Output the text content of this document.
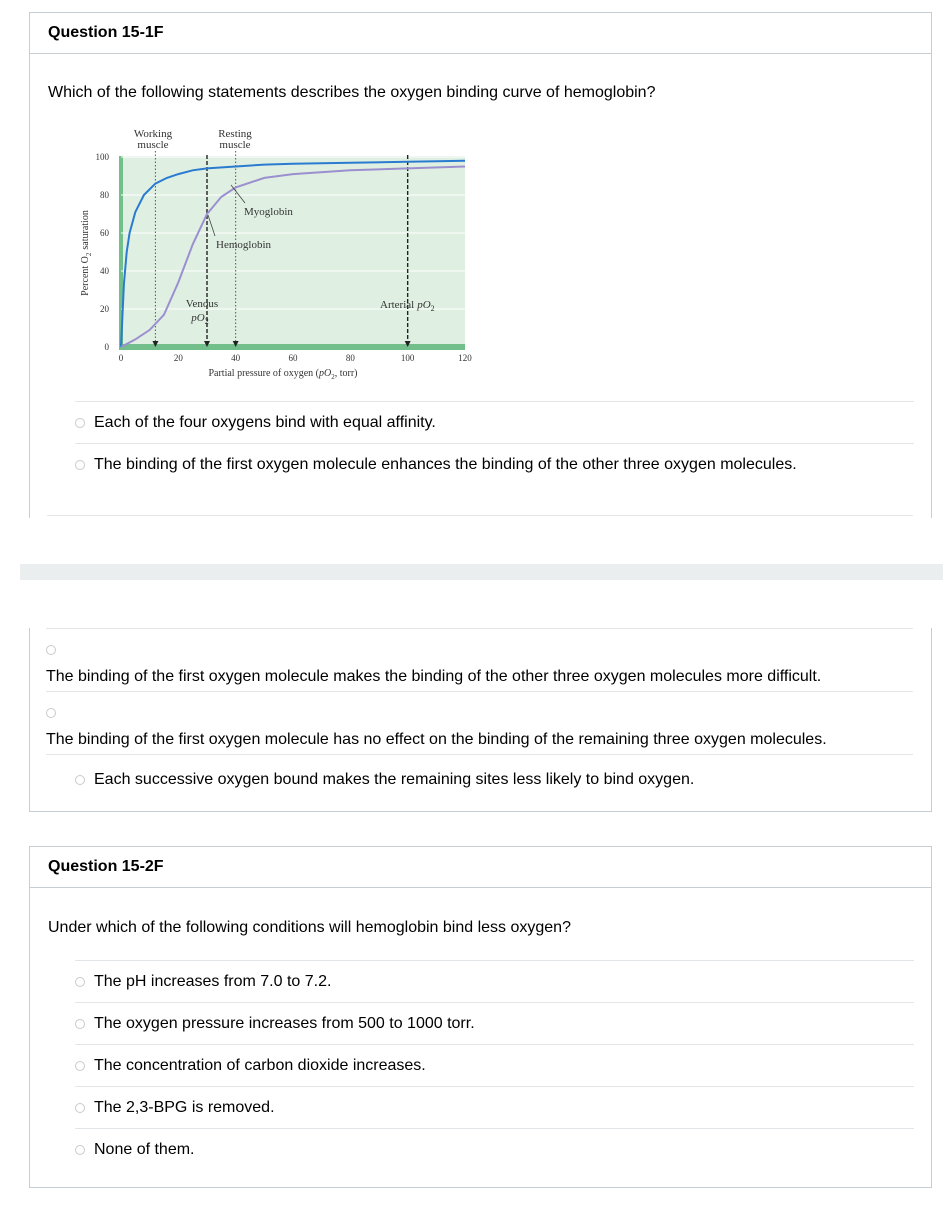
Question 15-1F
Which of the following statements describes the oxygen binding curve of hemoglobin?
0	20	40	60	80	100	120
0
20
40
60
80
100
Working
muscle
Resting
muscle
Myoglobin
Hemoglobin
Venous
$pO_2$
Arterial $pO_2$
Percent $O_2saturation$
Partial pressure of oxygen ($pO_2$, torr)
Each of the four oxygens bind with equal affinity.
The binding of the first oxygen molecule enhances the binding of the other three oxygen molecules.
The binding of the first oxygen molecule makes the binding of the other three oxygen molecules more difficult.
The binding of the first oxygen molecule has no effect on the binding of the remaining three oxygen molecules.
Each successive oxygen bound makes the remaining sites less likely to bind oxygen.
Question 15-2F
Under which of the following conditions will hemoglobin bind less oxygen?
The pH increases from 7.0 to 7.2.
The oxygen pressure increases from 500 to 1000 torr.
The concentration of carbon dioxide increases.
The 2,3-BPG is removed.
None of them.
